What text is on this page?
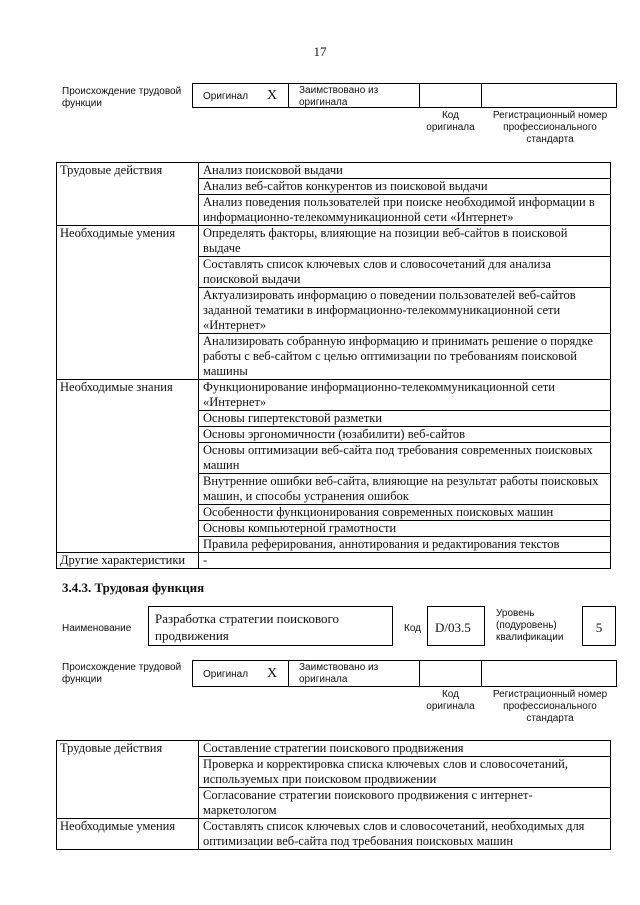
17
Происхождение трудовой функции
Оригинал X Заимствовано из оригинала
Код оригинала
Регистрационный номер профессионального стандарта
Трудовые действия	Анализ поисковой выдачи
	Анализ веб-сайтов конкурентов из поисковой выдачи
	Анализ поведения пользователей при поиске необходимой информации в информационно-телекоммуникационной сети «Интернет»
Необходимые умения	Определять факторы, влияющие на позиции веб-сайтов в поисковой выдаче
	Составлять список ключевых слов и словосочетаний для анализа поисковой выдачи
	Актуализировать информацию о поведении пользователей веб-сайтов заданной тематики в информационно-телекоммуникационной сети «Интернет»
	Анализировать собранную информацию и принимать решение о порядке работы с веб-сайтом с целью оптимизации по требованиям поисковой машины
Необходимые знания	Функционирование информационно-телекоммуникационной сети «Интернет»
	Основы гипертекстовой разметки
	Основы эргономичности (юзабилити) веб-сайтов
	Основы оптимизации веб-сайта под требования современных поисковых машин
	Внутренние ошибки веб-сайта, влияющие на результат работы поисковых машин, и способы устранения ошибок
	Особенности функционирования современных поисковых машин
	Основы компьютерной грамотности
	Правила реферирования, аннотирования и редактирования текстов
Другие характеристики	-
3.4.3. Трудовая функция
Наименование
Разработка стратегии поискового продвижения	Код D/03.5
Уровень (подуровень) квалификации
5
Происхождение трудовой функции	Оригинал X Заимствовано из оригинала
Код оригинала
Регистрационный номер профессионального стандарта
Трудовые действия	Составление стратегии поискового продвижения
	Проверка и корректировка списка ключевых слов и словосочетаний, используемых при поисковом продвижении
	Согласование стратегии поискового продвижения с интернет-маркетологом
Необходимые умения	Составлять список ключевых слов и словосочетаний, необходимых для оптимизации веб-сайта под требования поисковых машин
